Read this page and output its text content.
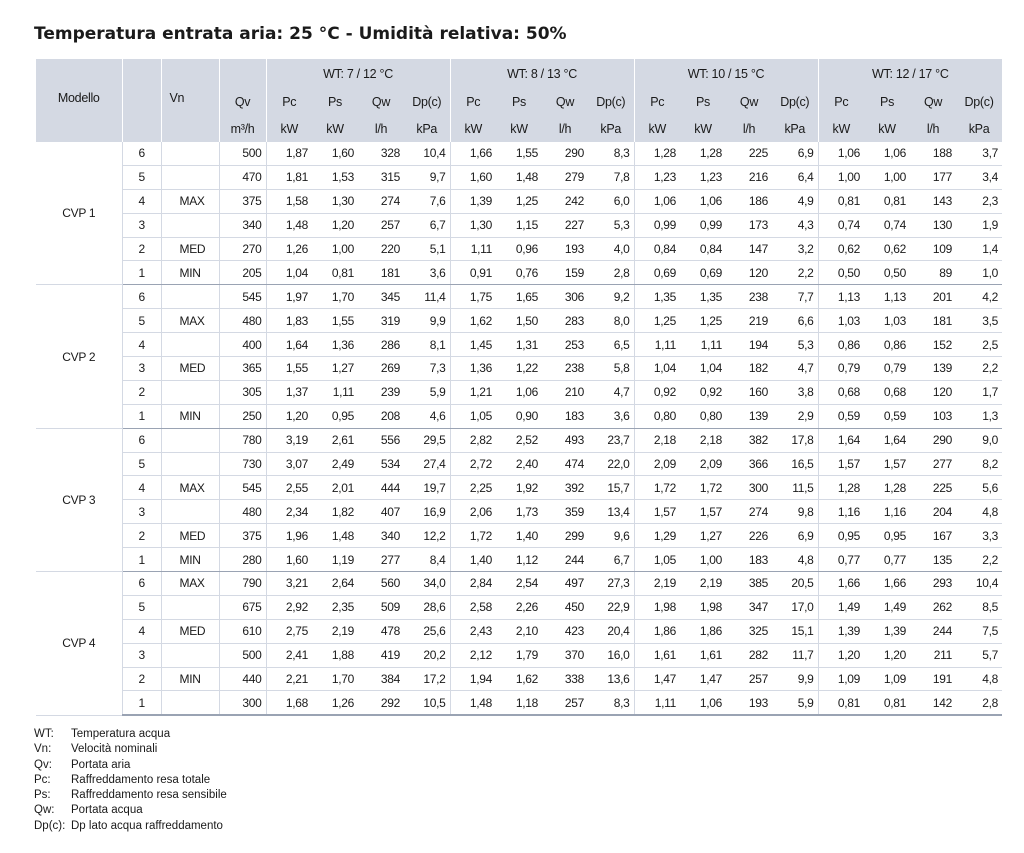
Temperatura entrata aria: 25 °C - Umidità relativa: 50%
Modello		Vn		WT: 7 / 12 °C				WT: 8 / 13 °C				WT: 10 / 15 °C				WT: 12 / 17 °C			
			Qv	Pc	Ps	Qw	Dp(c)	Pc	Ps	Qw	Dp(c)	Pc	Ps	Qw	Dp(c)	Pc	Ps	Qw	Dp(c)
			m³/h	kW	kW	l/h	kPa	kW	kW	l/h	kPa	kW	kW	l/h	kPa	kW	kW	l/h	kPa
CVP 1	6		500	1,87	1,60	328	10,4	1,66	1,55	290	8,3	1,28	1,28	225	6,9	1,06	1,06	188	3,7
	5		470	1,81	1,53	315	9,7	1,60	1,48	279	7,8	1,23	1,23	216	6,4	1,00	1,00	177	3,4
	4	MAX	375	1,58	1,30	274	7,6	1,39	1,25	242	6,0	1,06	1,06	186	4,9	0,81	0,81	143	2,3
	3		340	1,48	1,20	257	6,7	1,30	1,15	227	5,3	0,99	0,99	173	4,3	0,74	0,74	130	1,9
	2	MED	270	1,26	1,00	220	5,1	1,11	0,96	193	4,0	0,84	0,84	147	3,2	0,62	0,62	109	1,4
	1	MIN	205	1,04	0,81	181	3,6	0,91	0,76	159	2,8	0,69	0,69	120	2,2	0,50	0,50	89	1,0
CVP 2	6		545	1,97	1,70	345	11,4	1,75	1,65	306	9,2	1,35	1,35	238	7,7	1,13	1,13	201	4,2
	5	MAX	480	1,83	1,55	319	9,9	1,62	1,50	283	8,0	1,25	1,25	219	6,6	1,03	1,03	181	3,5
	4		400	1,64	1,36	286	8,1	1,45	1,31	253	6,5	1,11	1,11	194	5,3	0,86	0,86	152	2,5
	3	MED	365	1,55	1,27	269	7,3	1,36	1,22	238	5,8	1,04	1,04	182	4,7	0,79	0,79	139	2,2
	2		305	1,37	1,11	239	5,9	1,21	1,06	210	4,7	0,92	0,92	160	3,8	0,68	0,68	120	1,7
	1	MIN	250	1,20	0,95	208	4,6	1,05	0,90	183	3,6	0,80	0,80	139	2,9	0,59	0,59	103	1,3
CVP 3	6		780	3,19	2,61	556	29,5	2,82	2,52	493	23,7	2,18	2,18	382	17,8	1,64	1,64	290	9,0
	5		730	3,07	2,49	534	27,4	2,72	2,40	474	22,0	2,09	2,09	366	16,5	1,57	1,57	277	8,2
	4	MAX	545	2,55	2,01	444	19,7	2,25	1,92	392	15,7	1,72	1,72	300	11,5	1,28	1,28	225	5,6
	3		480	2,34	1,82	407	16,9	2,06	1,73	359	13,4	1,57	1,57	274	9,8	1,16	1,16	204	4,8
	2	MED	375	1,96	1,48	340	12,2	1,72	1,40	299	9,6	1,29	1,27	226	6,9	0,95	0,95	167	3,3
	1	MIN	280	1,60	1,19	277	8,4	1,40	1,12	244	6,7	1,05	1,00	183	4,8	0,77	0,77	135	2,2
CVP 4	6	MAX	790	3,21	2,64	560	34,0	2,84	2,54	497	27,3	2,19	2,19	385	20,5	1,66	1,66	293	10,4
	5		675	2,92	2,35	509	28,6	2,58	2,26	450	22,9	1,98	1,98	347	17,0	1,49	1,49	262	8,5
	4	MED	610	2,75	2,19	478	25,6	2,43	2,10	423	20,4	1,86	1,86	325	15,1	1,39	1,39	244	7,5
	3		500	2,41	1,88	419	20,2	2,12	1,79	370	16,0	1,61	1,61	282	11,7	1,20	1,20	211	5,7
	2	MIN	440	2,21	1,70	384	17,2	1,94	1,62	338	13,6	1,47	1,47	257	9,9	1,09	1,09	191	4,8
	1		300	1,68	1,26	292	10,5	1,48	1,18	257	8,3	1,11	1,06	193	5,9	0,81	0,81	142	2,8
WT:	Temperatura acqua
Vn:	Velocità nominali
Qv:	Portata aria
Pc:	Raffreddamento resa totale
Ps:	Raffreddamento resa sensibile
Qw:	Portata acqua
Dp(c): Dp lato acqua raffreddamento
